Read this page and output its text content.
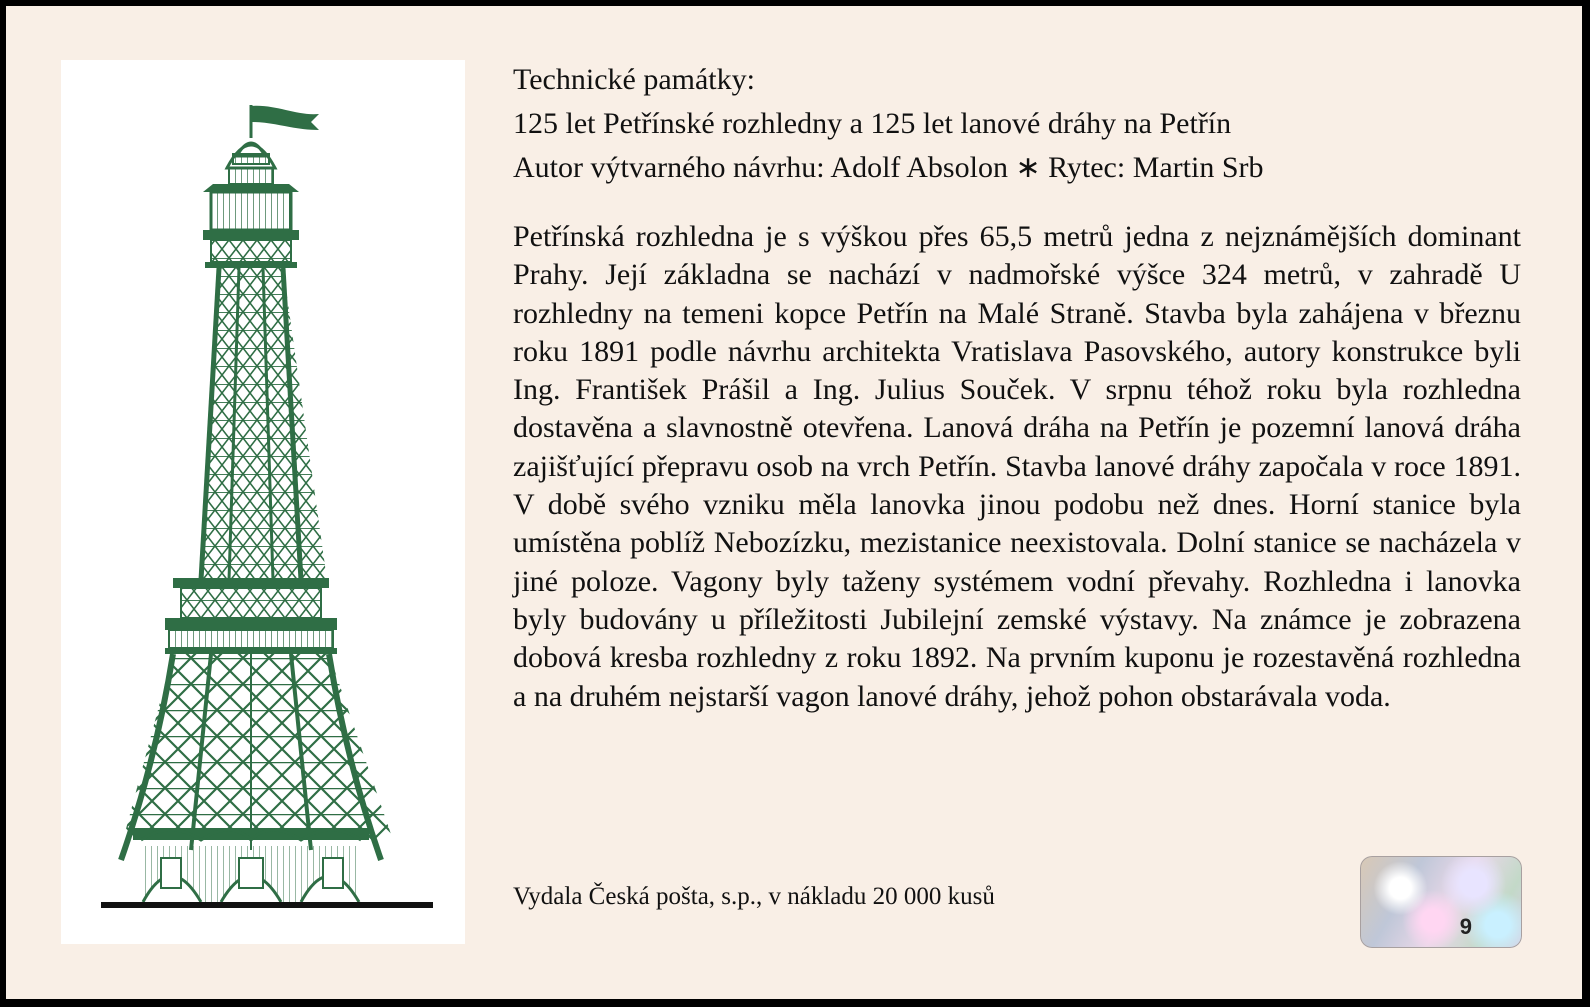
Technické památky:
125 let Petřínské rozhledny a 125 let lanové dráhy na Petřín
Autor výtvarného návrhu: Adolf Absolon ∗ Rytec: Martin Srb

Petřínská rozhledna je s výškou přes 65,5 metrů jedna z nejznámějších dominant Prahy. Její základna se nachází v nadmořské výšce 324 metrů, v zahradě U rozhledny na temeni kopce Petřín na Malé Straně. Stavba byla zahájena v březnu roku 1891 podle návrhu architekta Vratislava Pasovského, autory konstrukce byli Ing. František Prášil a Ing. Julius Souček. V srpnu téhož roku byla rozhledna dostavěna a slavnostně otevřena. Lanová dráha na Petřín je pozemní lanová dráha zajišťující přepravu osob na vrch Petřín. Stavba lanové dráhy započala v roce 1891. V době svého vzniku měla lanovka jinou podobu než dnes. Horní stanice byla umístěna poblíž Nebozízku, mezistanice neexistovala. Dolní stanice se nacházela v jiné poloze. Vagony byly taženy systémem vodní převahy. Rozhledna i lanovka byly budovány u příležitosti Jubilejní zemské výstavy. Na známce je zobrazena dobová kresba rozhledny z roku 1892. Na prvním kuponu je rozestavěná rozhledna a na druhém nejstarší vagon lanové dráhy, jehož pohon obstarávala voda.

Vydala Česká pošta, s.p., v nákladu 20 000 kusů
9
